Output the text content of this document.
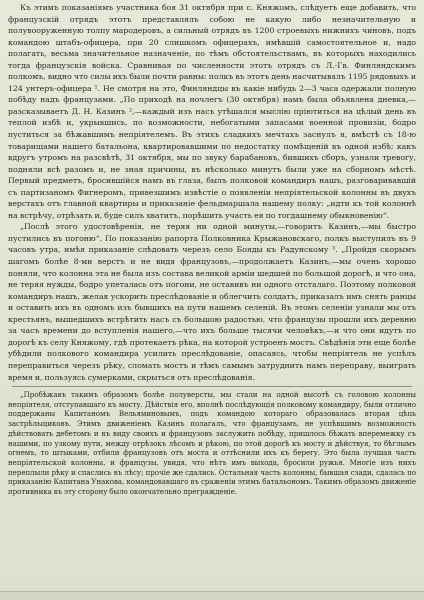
Къ этимъ показаніямъ участника боя 31 октября при с. Княжомъ, слѣдуетъ еще добавить, что французскій отрядъ этотъ представлялъ собою не какую либо незначительную и полувооруженную толпу мародеровъ, а сильный отрядъ въ 1200 строевыхъ нижнихъ чиновъ, подъ командою штабъ-офицера, при 20 слишкомъ офицерахъ, имѣвшій самостоятельное и, надо полагать, весьма значительное назначеніе, по тѣмъ обстоятельствамъ, въ которыхъ находились тогда французскія войска. Сравнивая по численности этотъ отрядъ съ Л.-Гв. Финляндскимъ полкомъ, видно что силы ихъ были почти равны: полкъ въ этотъ день насчитывалъ 1195 рядовыхъ и 124 унтеръ-офицера ¹. Не смотря на это, Финляндцы въ какіе нибудь 2—3 часа одержали полную побѣду надъ французами. „По приходѣ на ночлегъ (30 октября) намъ была объявлена дневка,—разсказываетъ Д. Н. Казинъ ²,—каждый изъ насъ утѣшался мыслію пріютиться на цѣлый день въ теплой избѣ и, укрывшись, по возможности, небогатыми запасами военной провизіи, бодро пуститься за бѣжавшимъ непріятелемъ. Въ этихъ сладкихъ мечтахъ заснулъ я, вмѣстѣ съ 18-ю товарищами нашего батальона, квартировавшими по недостатку помѣщеній въ одной избѣ; какъ вдругъ утромъ на разсвѣтѣ, 31 октября, мы по звуку барабановъ, бившихъ сборъ, узнали тревогу, подняли всѣ разомъ и, не зная причины, въ нѣсколько минутъ были уже на сборномъ мѣстѣ. Первый предметъ, бросившійся намъ въ глаза, былъ полковой командиръ нашъ, разговаривавшій съ партизаномъ Фигнеромъ, привезшимъ извѣстіе о появленіи непріятельской колонны въ двухъ верстахъ отъ главной квартиры и приказаніе фельдмаршала нашему полку: „идти къ той колоннѣ на встрѣчу, отрѣзать и, буде силъ хватитъ, порѣшить участь ея по тогдашнему обыкновенію“.

„Послѣ этого удостовѣренія, не теряя ни одной минуты,—говоритъ Казинъ,—мы быстро пустились въ погоню“. По показанію рапорта Полковника Крыжановскаго, полкъ выступилъ въ 9 часовъ утра, имѣя приказаніе слѣдовать черезъ село Бояды къ Радунскому ³. „Пройдя скорымъ шагомъ болѣе 8-ми верстъ и не видя французовъ,—продолжаетъ Казинъ,—мы очень хорошо поняли, что колонна эта не была изъ состава великой арміи шедшей по большой дорогѣ, и что она, не теряя нужды, бодро упеталась отъ погони, не оставивъ ни одного отсталаго. Поэтому полковой командиръ нашъ, желая ускорить преслѣдованіе и облегчить солдатъ, приказалъ имъ снять ранцы и оставить ихъ въ одномъ изъ бывшихъ на пути нашемъ селеній. Въ этомъ селеніи узнали мы отъ крестьянъ, вышедшихъ встрѣтить насъ съ большою радостью, что французы прошли ихъ деревню за часъ времени до вступленія нашего,—что ихъ больше тысячи человѣкъ,—и что они идутъ по дорогѣ къ селу Княжому, гдѣ протекаетъ рѣка, на которой устроенъ мостъ. Свѣдѣнія эти еще болѣе убѣдили полкового командира усилить преслѣдованіе, опасаясь, чтобы непріятель не успѣлъ переправиться черезъ рѣку, сломать мостъ и тѣмъ самымъ затруднить намъ переправу, выиграть время и, пользуясь сумерками, скрыться отъ преслѣдованія.

„Пробѣжавъ такимъ образомъ болѣе полуверсты, мы стали на одной высотѣ съ головою колонны непріятеля, отступавшаго къ мосту. Дѣйствія его, вполнѣ послѣдующія полковому командиру, были отлично поддержаны Капитаномъ Вельяминовымъ, подъ командою котораго образовалась вторая цѣпь застрѣльщиковъ. Этимъ движеніемъ Казинъ полагалъ, что французамъ, не успѣвшимъ возможность дѣйствовать дебетомъ и въ виду своихъ и французовъ заслужить побѣду, пришлось бѣжать вперемежку съ нашими, по узкому пути, между отрѣзокъ лѣсомъ и рѣкою, по этой дорогѣ къ мосту и дѣйствуя, то бѣглымъ огнемъ, то штыками, отбили французовъ отъ моста и оттѣснили ихъ къ берегу. Это была лучшая часть непріятельской колонны, и французы, увидя, что нѣтъ имъ выхода, бросили ружья. Многіе изъ нихъ переплыли рѣку и спаслись въ лѣсу; прочіе же сдались. Остальная часть колонны, бывшая сзади, сдалась по приказанію Капитана Унакова, командовавшаго въ сраженіи этимъ батальономъ. Такимъ образомъ движеніе противника въ эту сторону было окончательно прегражденіе.
